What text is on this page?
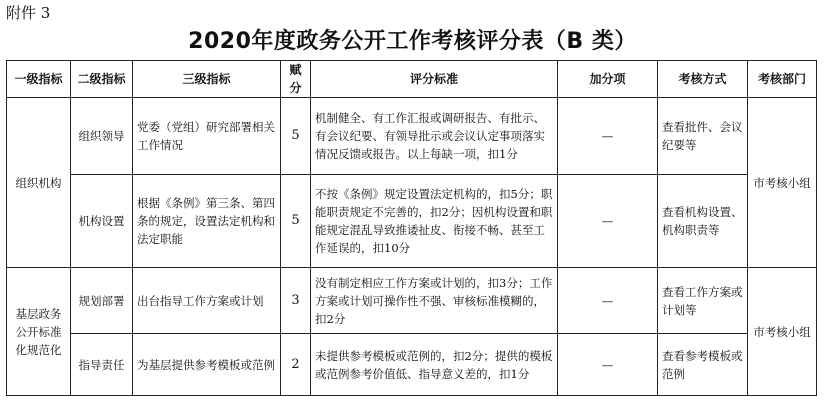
附件 3
2020年度政务公开工作考核评分表（B 类）
一级指标	二级指标	三级指标	赋分	评分标准	加分项	考核方式	考核部门
组织机构	组织领导	党委（党组）研究部署相关工作情况	5	机制健全、有工作汇报或调研报告、有批示、有会议纪要、有领导批示或会议认定事项落实情况反馈或报告。以上每缺一项，扣1分	—	查看批件、会议纪要等	市考核小组
	机构设置	根据《条例》第三条、第四条的规定，设置法定机构和法定职能	5	不按《条例》规定设置法定机构的，扣5分；职能职责规定不完善的，扣2分；因机构设置和职能规定混乱导致推诿扯皮、衔接不畅、甚至工作延误的，扣10分	—	查看机构设置、机构职责等	
基层政务公开标准化规范化	规划部署	出台指导工作方案或计划	3	没有制定相应工作方案或计划的，扣3分；工作方案或计划可操作性不强、审核标准模糊的，扣2分	—	查看工作方案或计划等	市考核小组
	指导责任	为基层提供参考模板或范例	2	未提供参考模板或范例的，扣2分；提供的模板或范例参考价值低、指导意义差的，扣1分	—	查看参考模板或范例	
